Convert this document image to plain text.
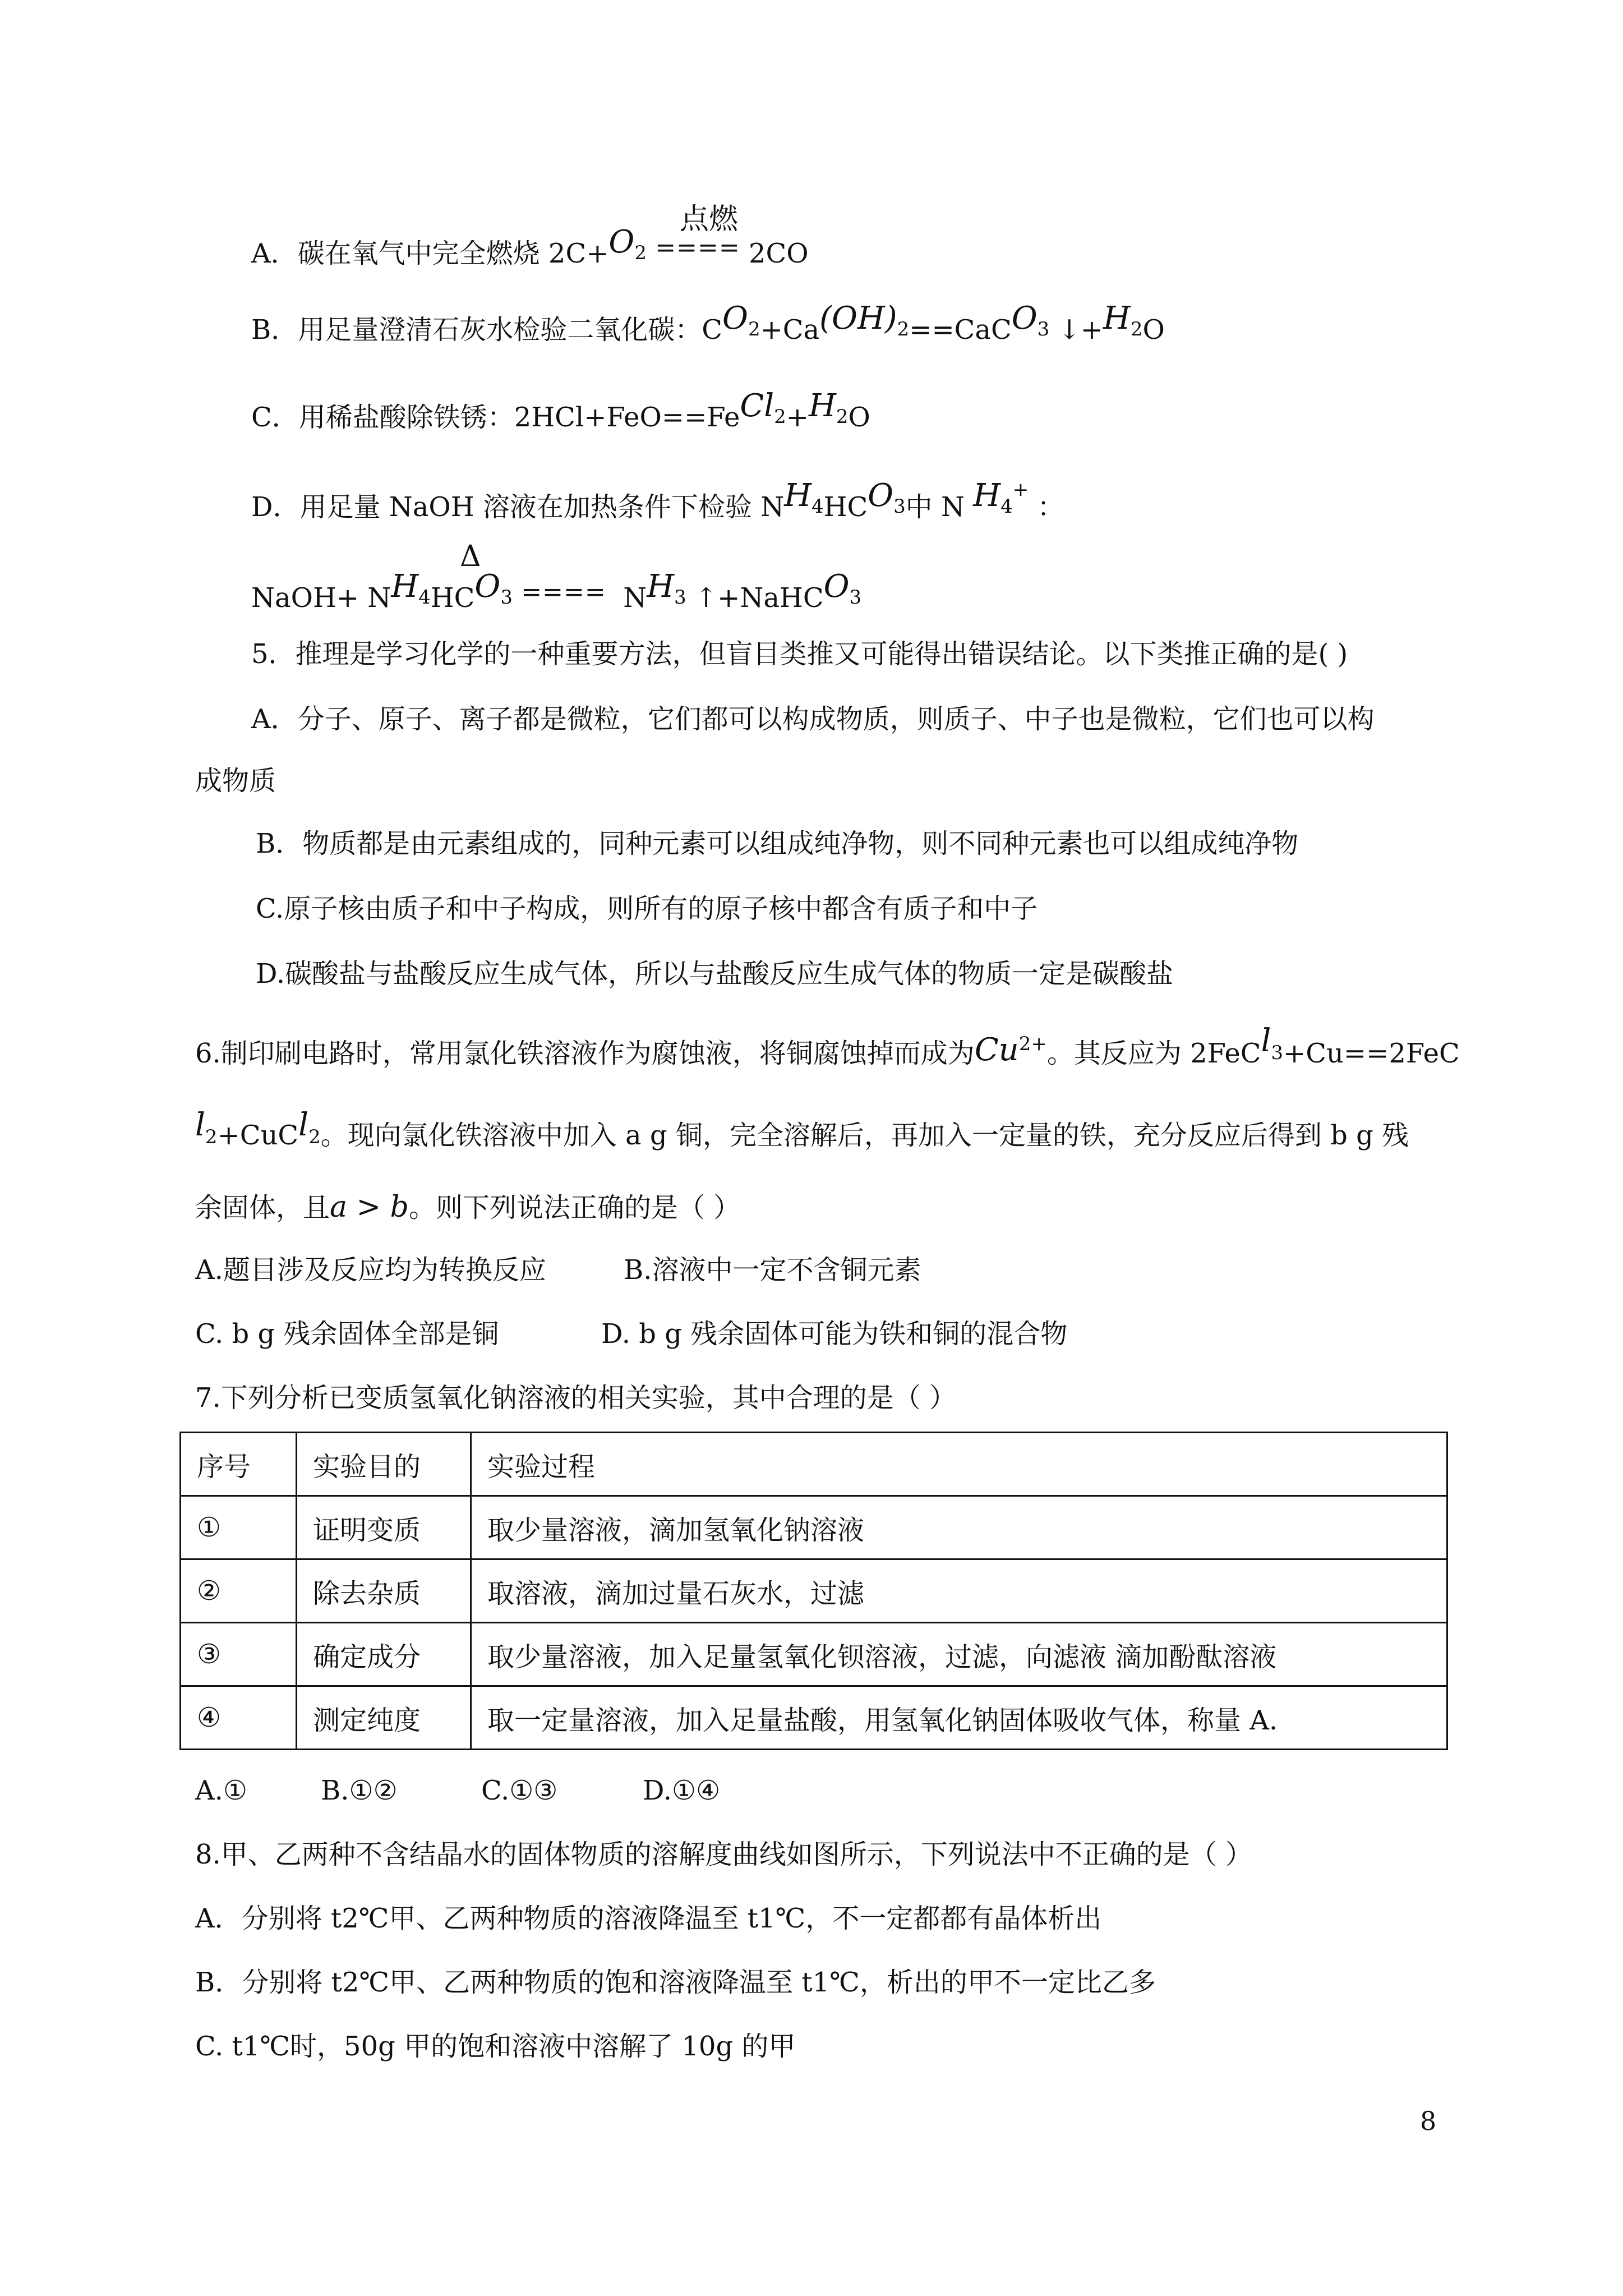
点燃
A．碳在氧气中完全燃烧 2C+O2 ==== 2CO
B．用足量澄清石灰水检验二氧化碳：CO2+Ca(OH)2==CaCO3 ↓+H2O
C．用稀盐酸除铁锈：2HCl+FeO==FeCl2+H2O
D．用足量 NaOH 溶液在加热条件下检验 NH4HCO3中 N H4+ ：
Δ
NaOH+ NH4HCO3 ==== NH3 ↑+NaHCO3
5．推理是学习化学的一种重要方法，但盲目类推又可能得出错误结论。以下类推正确的是( )
A．分子、原子、离子都是微粒，它们都可以构成物质，则质子、中子也是微粒，它们也可以构
成物质
B．物质都是由元素组成的，同种元素可以组成纯净物，则不同种元素也可以组成纯净物
C.原子核由质子和中子构成，则所有的原子核中都含有质子和中子
D.碳酸盐与盐酸反应生成气体，所以与盐酸反应生成气体的物质一定是碳酸盐
6.制印刷电路时，常用氯化铁溶液作为腐蚀液，将铜腐蚀掉而成为$Cu^{2+}$。其反应为 2FeCl3+Cu==2FeC
l2+CuCl2。现向氯化铁溶液中加入 a g 铜，完全溶解后，再加入一定量的铁，充分反应后得到 b g 残
余固体，且a > b。则下列说法正确的是（ ）
A.题目涉及反应均为转换反应	B.溶液中一定不含铜元素
C. b g 残余固体全部是铜	D. b g 残余固体可能为铁和铜的混合物
7.下列分析已变质氢氧化钠溶液的相关实验，其中合理的是（ ）
序号	实验目的	实验过程
①	证明变质	取少量溶液，滴加氢氧化钠溶液
②	除去杂质	取溶液，滴加过量石灰水，过滤
③	确定成分	取少量溶液，加入足量氢氧化钡溶液，过滤，向滤液 滴加酚酞溶液
④	测定纯度	取一定量溶液，加入足量盐酸，用氢氧化钠固体吸收气体，称量 A.
A.①	B.①②	C.①③	D.①④
8.甲、乙两种不含结晶水的固体物质的溶解度曲线如图所示，下列说法中不正确的是（ ）
A．分别将 t2℃甲、乙两种物质的溶液降温至 t1℃，不一定都都有晶体析出
B．分别将 t2℃甲、乙两种物质的饱和溶液降温至 t1℃，析出的甲不一定比乙多
C. t1℃时，50g 甲的饱和溶液中溶解了 10g 的甲
8
